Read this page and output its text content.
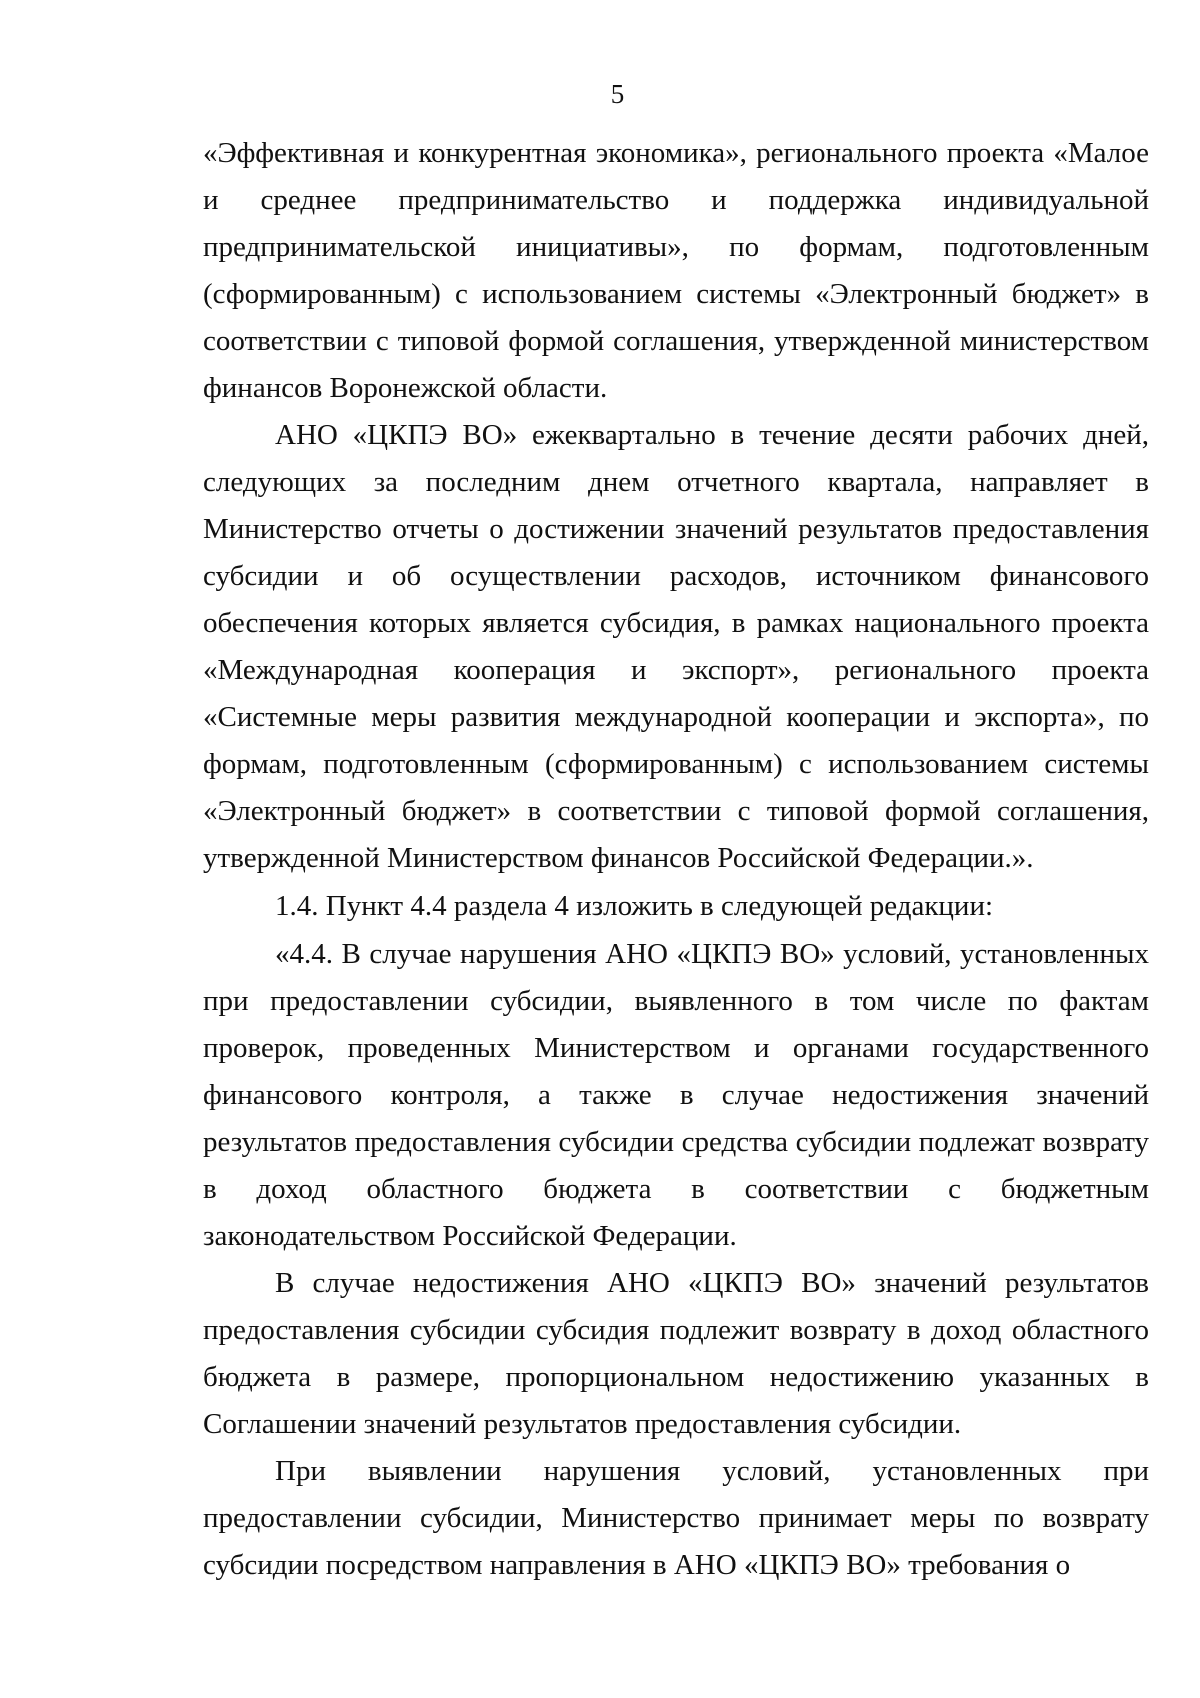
5

«Эффективная и конкурентная экономика», регионального проекта «Малое и среднее предпринимательство и поддержка индивидуальной предпринимательской инициативы», по формам, подготовленным (сформированным) с использованием системы «Электронный бюджет» в соответствии с типовой формой соглашения, утвержденной министерством финансов Воронежской области.

АНО «ЦКПЭ ВО» ежеквартально в течение десяти рабочих дней, следующих за последним днем отчетного квартала, направляет в Министерство отчеты о достижении значений результатов предоставления субсидии и об осуществлении расходов, источником финансового обеспечения которых является субсидия, в рамках национального проекта «Международная кооперация и экспорт», регионального проекта «Системные меры развития международной кооперации и экспорта», по формам, подготовленным (сформированным) с использованием системы «Электронный бюджет» в соответствии с типовой формой соглашения, утвержденной Министерством финансов Российской Федерации.».

1.4. Пункт 4.4 раздела 4 изложить в следующей редакции:

«4.4. В случае нарушения АНО «ЦКПЭ ВО» условий, установленных при предоставлении субсидии, выявленного в том числе по фактам проверок, проведенных Министерством и органами государственного финансового контроля, а также в случае недостижения значений результатов предоставления субсидии средства субсидии подлежат возврату в доход областного бюджета в соответствии с бюджетным законодательством Российской Федерации.

В случае недостижения АНО «ЦКПЭ ВО» значений результатов предоставления субсидии субсидия подлежит возврату в доход областного бюджета в размере, пропорциональном недостижению указанных в Соглашении значений результатов предоставления субсидии.

При выявлении нарушения условий, установленных при предоставлении субсидии, Министерство принимает меры по возврату субсидии посредством направления в АНО «ЦКПЭ ВО» требования о
